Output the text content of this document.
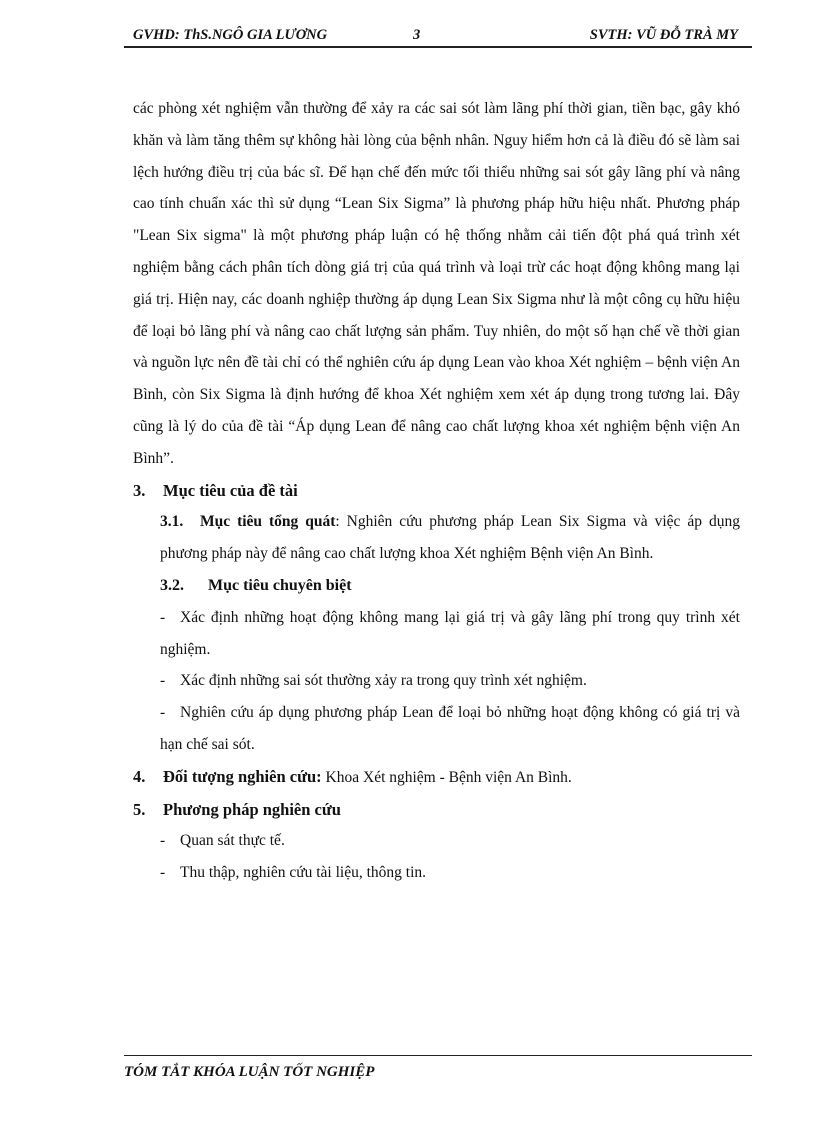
GVHD: ThS.NGÔ GIA LƯƠNG	3	SVTH: VŨ ĐỖ TRÀ MY

các phòng xét nghiệm vẫn thường để xảy ra các sai sót làm lãng phí thời gian, tiền bạc, gây khó khăn và làm tăng thêm sự không hài lòng của bệnh nhân. Nguy hiểm hơn cả là điều đó sẽ làm sai lệch hướng điều trị của bác sĩ. Để hạn chế đến mức tối thiểu những sai sót gây lãng phí và nâng cao tính chuẩn xác thì sử dụng “Lean Six Sigma” là phương pháp hữu hiệu nhất. Phương pháp "Lean Six sigma" là một phương pháp luận có hệ thống nhằm cải tiến đột phá quá trình xét nghiệm bằng cách phân tích dòng giá trị của quá trình và loại trừ các hoạt động không mang lại giá trị. Hiện nay, các doanh nghiệp thường áp dụng Lean Six Sigma như là một công cụ hữu hiệu để loại bỏ lãng phí và nâng cao chất lượng sản phẩm. Tuy nhiên, do một số hạn chế về thời gian và nguồn lực nên đề tài chỉ có thể nghiên cứu áp dụng Lean vào khoa Xét nghiệm – bệnh viện An Bình, còn Six Sigma là định hướng để khoa Xét nghiệm xem xét áp dụng trong tương lai. Đây cũng là lý do của đề tài “Áp dụng Lean để nâng cao chất lượng khoa xét nghiệm bệnh viện An Bình”.

3. Mục tiêu của đề tài

3.1. Mục tiêu tổng quát: Nghiên cứu phương pháp Lean Six Sigma và việc áp dụng phương pháp này để nâng cao chất lượng khoa Xét nghiệm Bệnh viện An Bình.

3.2. Mục tiêu chuyên biệt

- Xác định những hoạt động không mang lại giá trị và gây lãng phí trong quy trình xét nghiệm.

- Xác định những sai sót thường xảy ra trong quy trình xét nghiệm.

- Nghiên cứu áp dụng phương pháp Lean để loại bỏ những hoạt động không có giá trị và hạn chế sai sót.

4. Đối tượng nghiên cứu: Khoa Xét nghiệm - Bệnh viện An Bình.

5. Phương pháp nghiên cứu

- Quan sát thực tế.

- Thu thập, nghiên cứu tài liệu, thông tin.

TÓM TẮT KHÓA LUẬN TỐT NGHIỆP
